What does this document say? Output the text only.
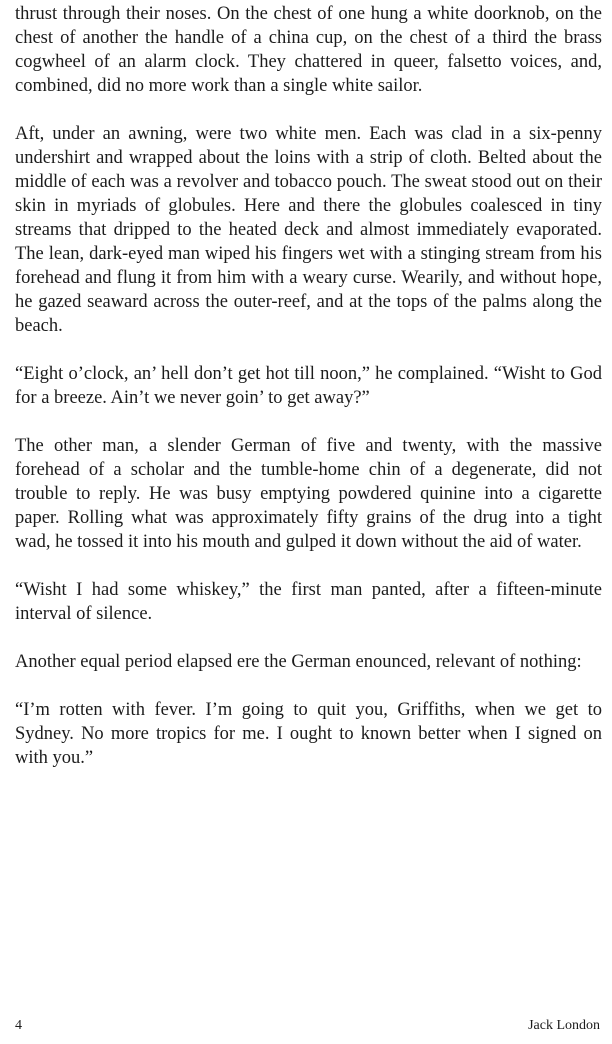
thrust through their noses. On the chest of one hung a white doorknob, on the chest of another the handle of a china cup, on the chest of a third the brass cogwheel of an alarm clock. They chattered in queer, falsetto voices, and, combined, did no more work than a single white sailor.

Aft, under an awning, were two white men. Each was clad in a six-penny undershirt and wrapped about the loins with a strip of cloth. Belted about the middle of each was a revolver and tobacco pouch. The sweat stood out on their skin in myriads of globules. Here and there the globules coalesced in tiny streams that dripped to the heated deck and almost immediately evaporated. The lean, dark-eyed man wiped his fingers wet with a stinging stream from his forehead and flung it from him with a weary curse. Wearily, and without hope, he gazed seaward across the outer-reef, and at the tops of the palms along the beach.

“Eight o’clock, an’ hell don’t get hot till noon,” he complained. “Wisht to God for a breeze. Ain’t we never goin’ to get away?”

The other man, a slender German of five and twenty, with the massive forehead of a scholar and the tumble-home chin of a degenerate, did not trouble to reply. He was busy emptying powdered quinine into a cigarette paper. Rolling what was approximately fifty grains of the drug into a tight wad, he tossed it into his mouth and gulped it down without the aid of water.

“Wisht I had some whiskey,” the first man panted, after a fifteen-minute interval of silence.

Another equal period elapsed ere the German enounced, relevant of nothing:

“I’m rotten with fever. I’m going to quit you, Griffiths, when we get to Sydney. No more tropics for me. I ought to known better when I signed on with you.”

4	Jack London
